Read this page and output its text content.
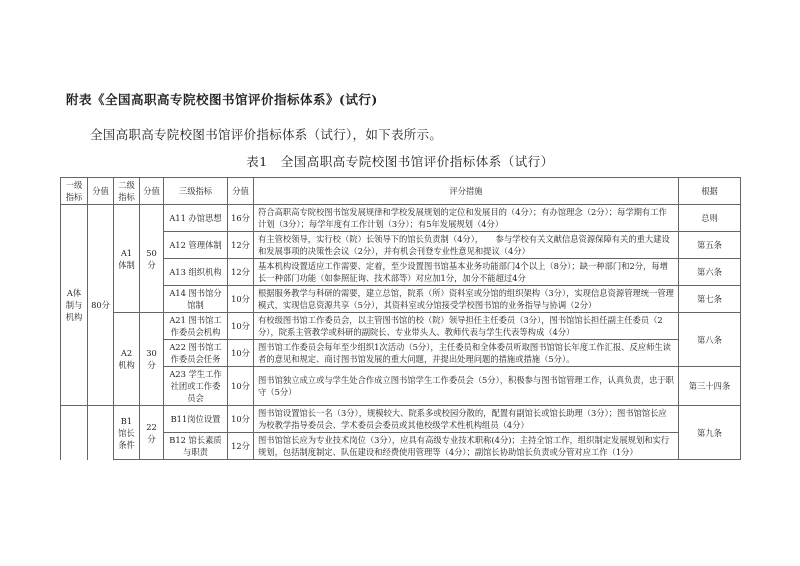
附表《全国高职高专院校图书馆评价指标体系》(试行)
全国高职高专院校图书馆评价指标体系（试行），如下表所示。
表1　全国高职高专院校图书馆评价指标体系（试行）
一级指标	分值	二级指标	分值	三级指标	分值	评分措施	根据
A体制与机构	80分	A1体制	50分	A11 办馆思想	16分	符合高职高专院校图书馆发展规律和学校发展规划的定位和发展目的（4分）；有办馆理念（2分）；每学期有工作计划（3分）；每学年度有工作计划（3分）；有5年发展规划（4分）	总则
				A12 管理体制	12分	有主管校领导，实行校（院）长领导下的馆长负责制（4分），　　参与学校有关文献信息资源保障有关的重大建设和发展事项的决策性会议（2分），并有机会刊登专业性意见和提议（4分）	第五条
				A13 组织机构	12分	基本机构设置适应工作需要、定着，至少设置图书馆基本业务功能部门4个以上（8分）；缺一种部门和2分，每增长一种部门功能（如参照征询、技术部等）对应加1分，加分不能超过4分	第六条
				A14 图书馆分馆制	10分	根据服务教学与科研的需要，建立总馆，院系（所）资料室或分馆的组织架构（3分），实现信息资源管理统一管理模式，实现信息资源共享（5分），其资料室或分馆接受学校图书馆的业务指导与协调（2分）	第七条
		A2机构	30分	A21 图书馆工作委员会机构	10分	有校级图书馆工作委员会，以主管图书馆的校（院）领导担任主任委员（3分），图书馆馆长担任副主任委员（2分），院系主管教学或科研的副院长、专业带头人、教师代表与学生代表等构成（4分）	第八条
				A22 图书馆工作委员会任务	10分	图书馆工作委员会每年至少组织1次活动（5分），主任委员和全体委员听取图书馆馆长年度工作汇报、反应师生读者的意见和规定、商讨图书馆发展的重大问题，并提出处理问题的措施或措施（5分）。	
				A23 学生工作社团或工作委员会	10分	图书馆独立成立或与学生处合作成立图书馆学生工作委员会（5分），积极参与图书馆管理工作，认真负责，忠于职守（5分）	第三十四条
		B1馆长条件	22分	B11岗位设置	10分	图书馆设置馆长一名（3分），规模较大、院系多或校园分散的，配置有副馆长或馆长助理（3分）；图书馆馆长应为校教学指导委员会、学术委员会委员或其他校级学术性机构组员（4分）	第九条
				B12 馆长素质与职责	12分	图书馆馆长应为专业技术岗位（3分），应具有高级专业技术职称(4分)；主持全馆工作，组织制定发展规划和实行规划，包括制度制定、队伍建设和经费使用管理等（4分）；副馆长协助馆长负责或分管对应工作（1分）	
